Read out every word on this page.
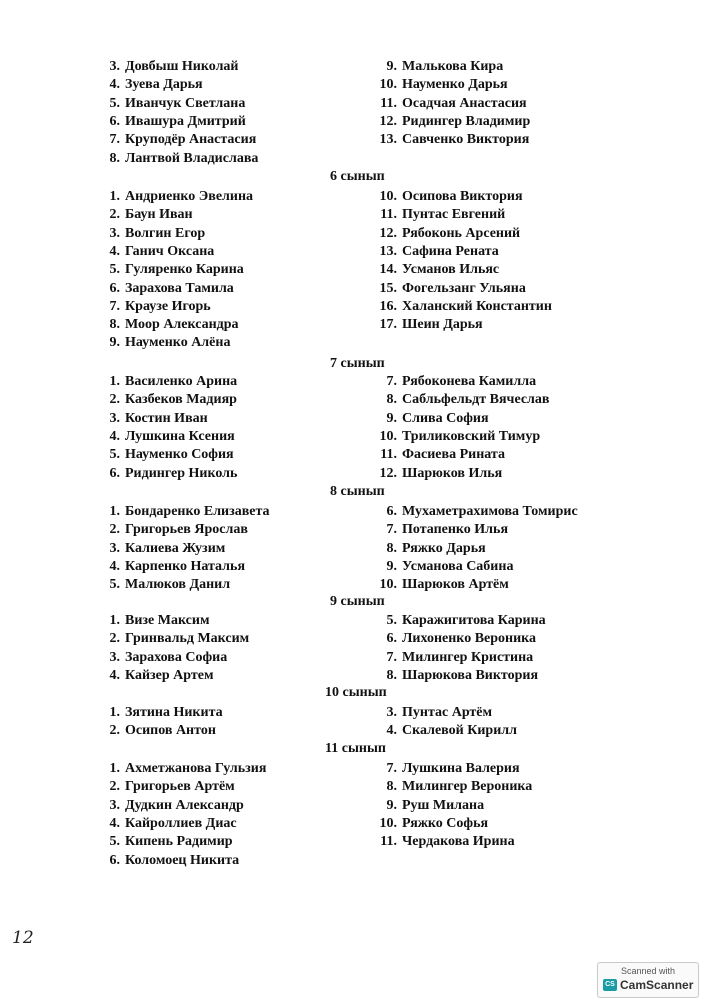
3. Довбыш Николай
4. Зуева Дарья
5. Иванчук Светлана
6. Ивашура Дмитрий
7. Круподёр Анастасия
8. Лантвой Владислава
9. Малькова Кира
10. Науменко Дарья
11. Осадчая Анастасия
12. Ридингер Владимир
13. Савченко Виктория
6 сынып
1. Андриенко Эвелина
2. Баун Иван
3. Волгин Егор
4. Ганич Оксана
5. Гуляренко Карина
6. Зарахова Тамила
7. Краузе Игорь
8. Моор Александра
9. Науменко Алёна
10. Осипова Виктория
11. Пунтас Евгений
12. Рябоконь Арсений
13. Сафина Рената
14. Усманов Ильяс
15. Фогельзанг Ульяна
16. Халанский Константин
17. Шеин Дарья
7 сынып
1. Василенко Арина
2. Казбеков Мадияр
3. Костин Иван
4. Лушкина Ксения
5. Науменко София
6. Ридингер Николь
7. Рябоконева Камилла
8. Сабльфельдт Вячеслав
9. Слива София
10. Триликовский Тимур
11. Фасиева Рината
12. Шарюков Илья
8 сынып
1. Бондаренко Елизавета
2. Григорьев Ярослав
3. Калиева Жузим
4. Карпенко Наталья
5. Малюков Данил
6. Мухаметрахимова Томирис
7. Потапенко Илья
8. Ряжко Дарья
9. Усманова Сабина
10. Шарюков Артём
9 сынып
1. Визе Максим
2. Гринвальд Максим
3. Зарахова Софиа
4. Кайзер Артем
5. Каражигитова Карина
6. Лихоненко Вероника
7. Милингер Кристина
8. Шарюкова Виктория
10 сынып
1. Зятина Никита
2. Осипов Антон
3. Пунтас Артём
4. Скалевой Кирилл
11 сынып
1. Ахметжанова Гульзия
2. Григорьев Артём
3. Дудкин Александр
4. Кайроллиев Диас
5. Кипень Радимир
6. Коломоец Никита
7. Лушкина Валерия
8. Милингер Вероника
9. Руш Милана
10. Ряжко Софья
11. Чердакова Ирина
12
Scanned with
CS CamScanner
